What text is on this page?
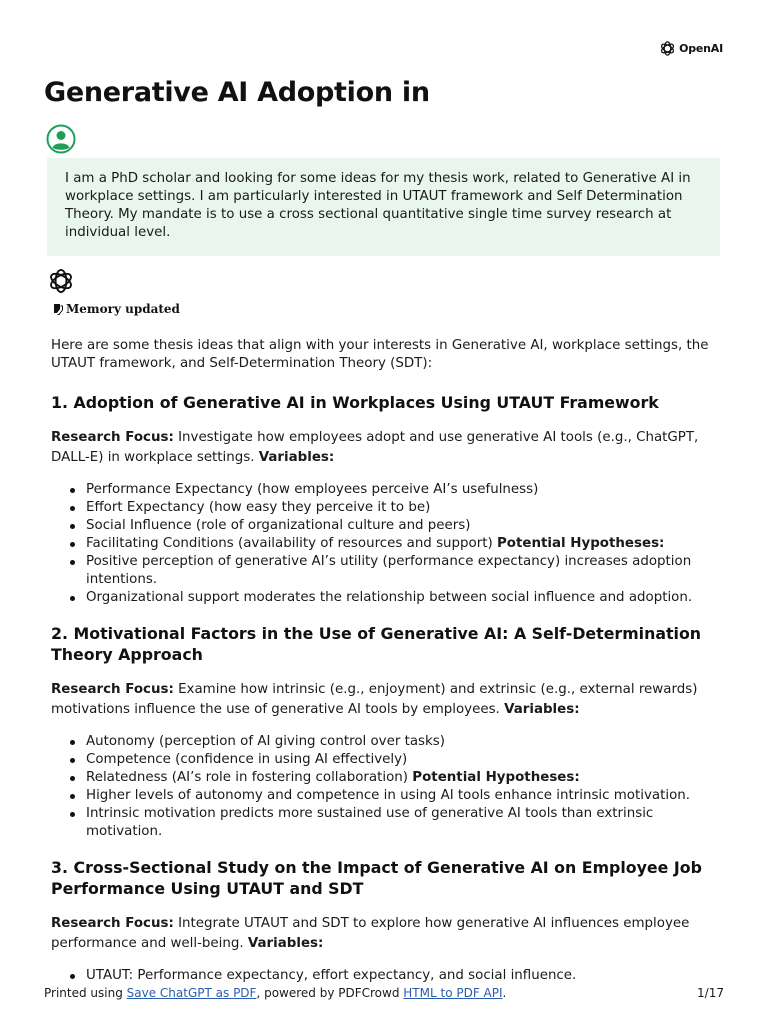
OpenAI
Generative AI Adoption in

I am a PhD scholar and looking for some ideas for my thesis work, related to Generative AI in workplace settings. I am particularly interested in UTAUT framework and Self Determination Theory. My mandate is to use a cross sectional quantitative single time survey research at individual level.

Memory updated

Here are some thesis ideas that align with your interests in Generative AI, workplace settings, the UTAUT framework, and Self-Determination Theory (SDT):

1. Adoption of Generative AI in Workplaces Using UTAUT Framework

Research Focus: Investigate how employees adopt and use generative AI tools (e.g., ChatGPT, DALL-E) in workplace settings. Variables:

Performance Expectancy (how employees perceive AI’s usefulness)
Effort Expectancy (how easy they perceive it to be)
Social Influence (role of organizational culture and peers)
Facilitating Conditions (availability of resources and support) Potential Hypotheses:
Positive perception of generative AI’s utility (performance expectancy) increases adoption intentions.
Organizational support moderates the relationship between social influence and adoption.
2. Motivational Factors in the Use of Generative AI: A Self-Determination Theory Approach

Research Focus: Examine how intrinsic (e.g., enjoyment) and extrinsic (e.g., external rewards) motivations influence the use of generative AI tools by employees. Variables:

Autonomy (perception of AI giving control over tasks)
Competence (confidence in using AI effectively)
Relatedness (AI’s role in fostering collaboration) Potential Hypotheses:
Higher levels of autonomy and competence in using AI tools enhance intrinsic motivation.
Intrinsic motivation predicts more sustained use of generative AI tools than extrinsic motivation.
3. Cross-Sectional Study on the Impact of Generative AI on Employee Job Performance Using UTAUT and SDT

Research Focus: Integrate UTAUT and SDT to explore how generative AI influences employee performance and well-being. Variables:

UTAUT: Performance expectancy, effort expectancy, and social influence.
Printed using Save ChatGPT as PDF, powered by PDFCrowd HTML to PDF API.	1/17
